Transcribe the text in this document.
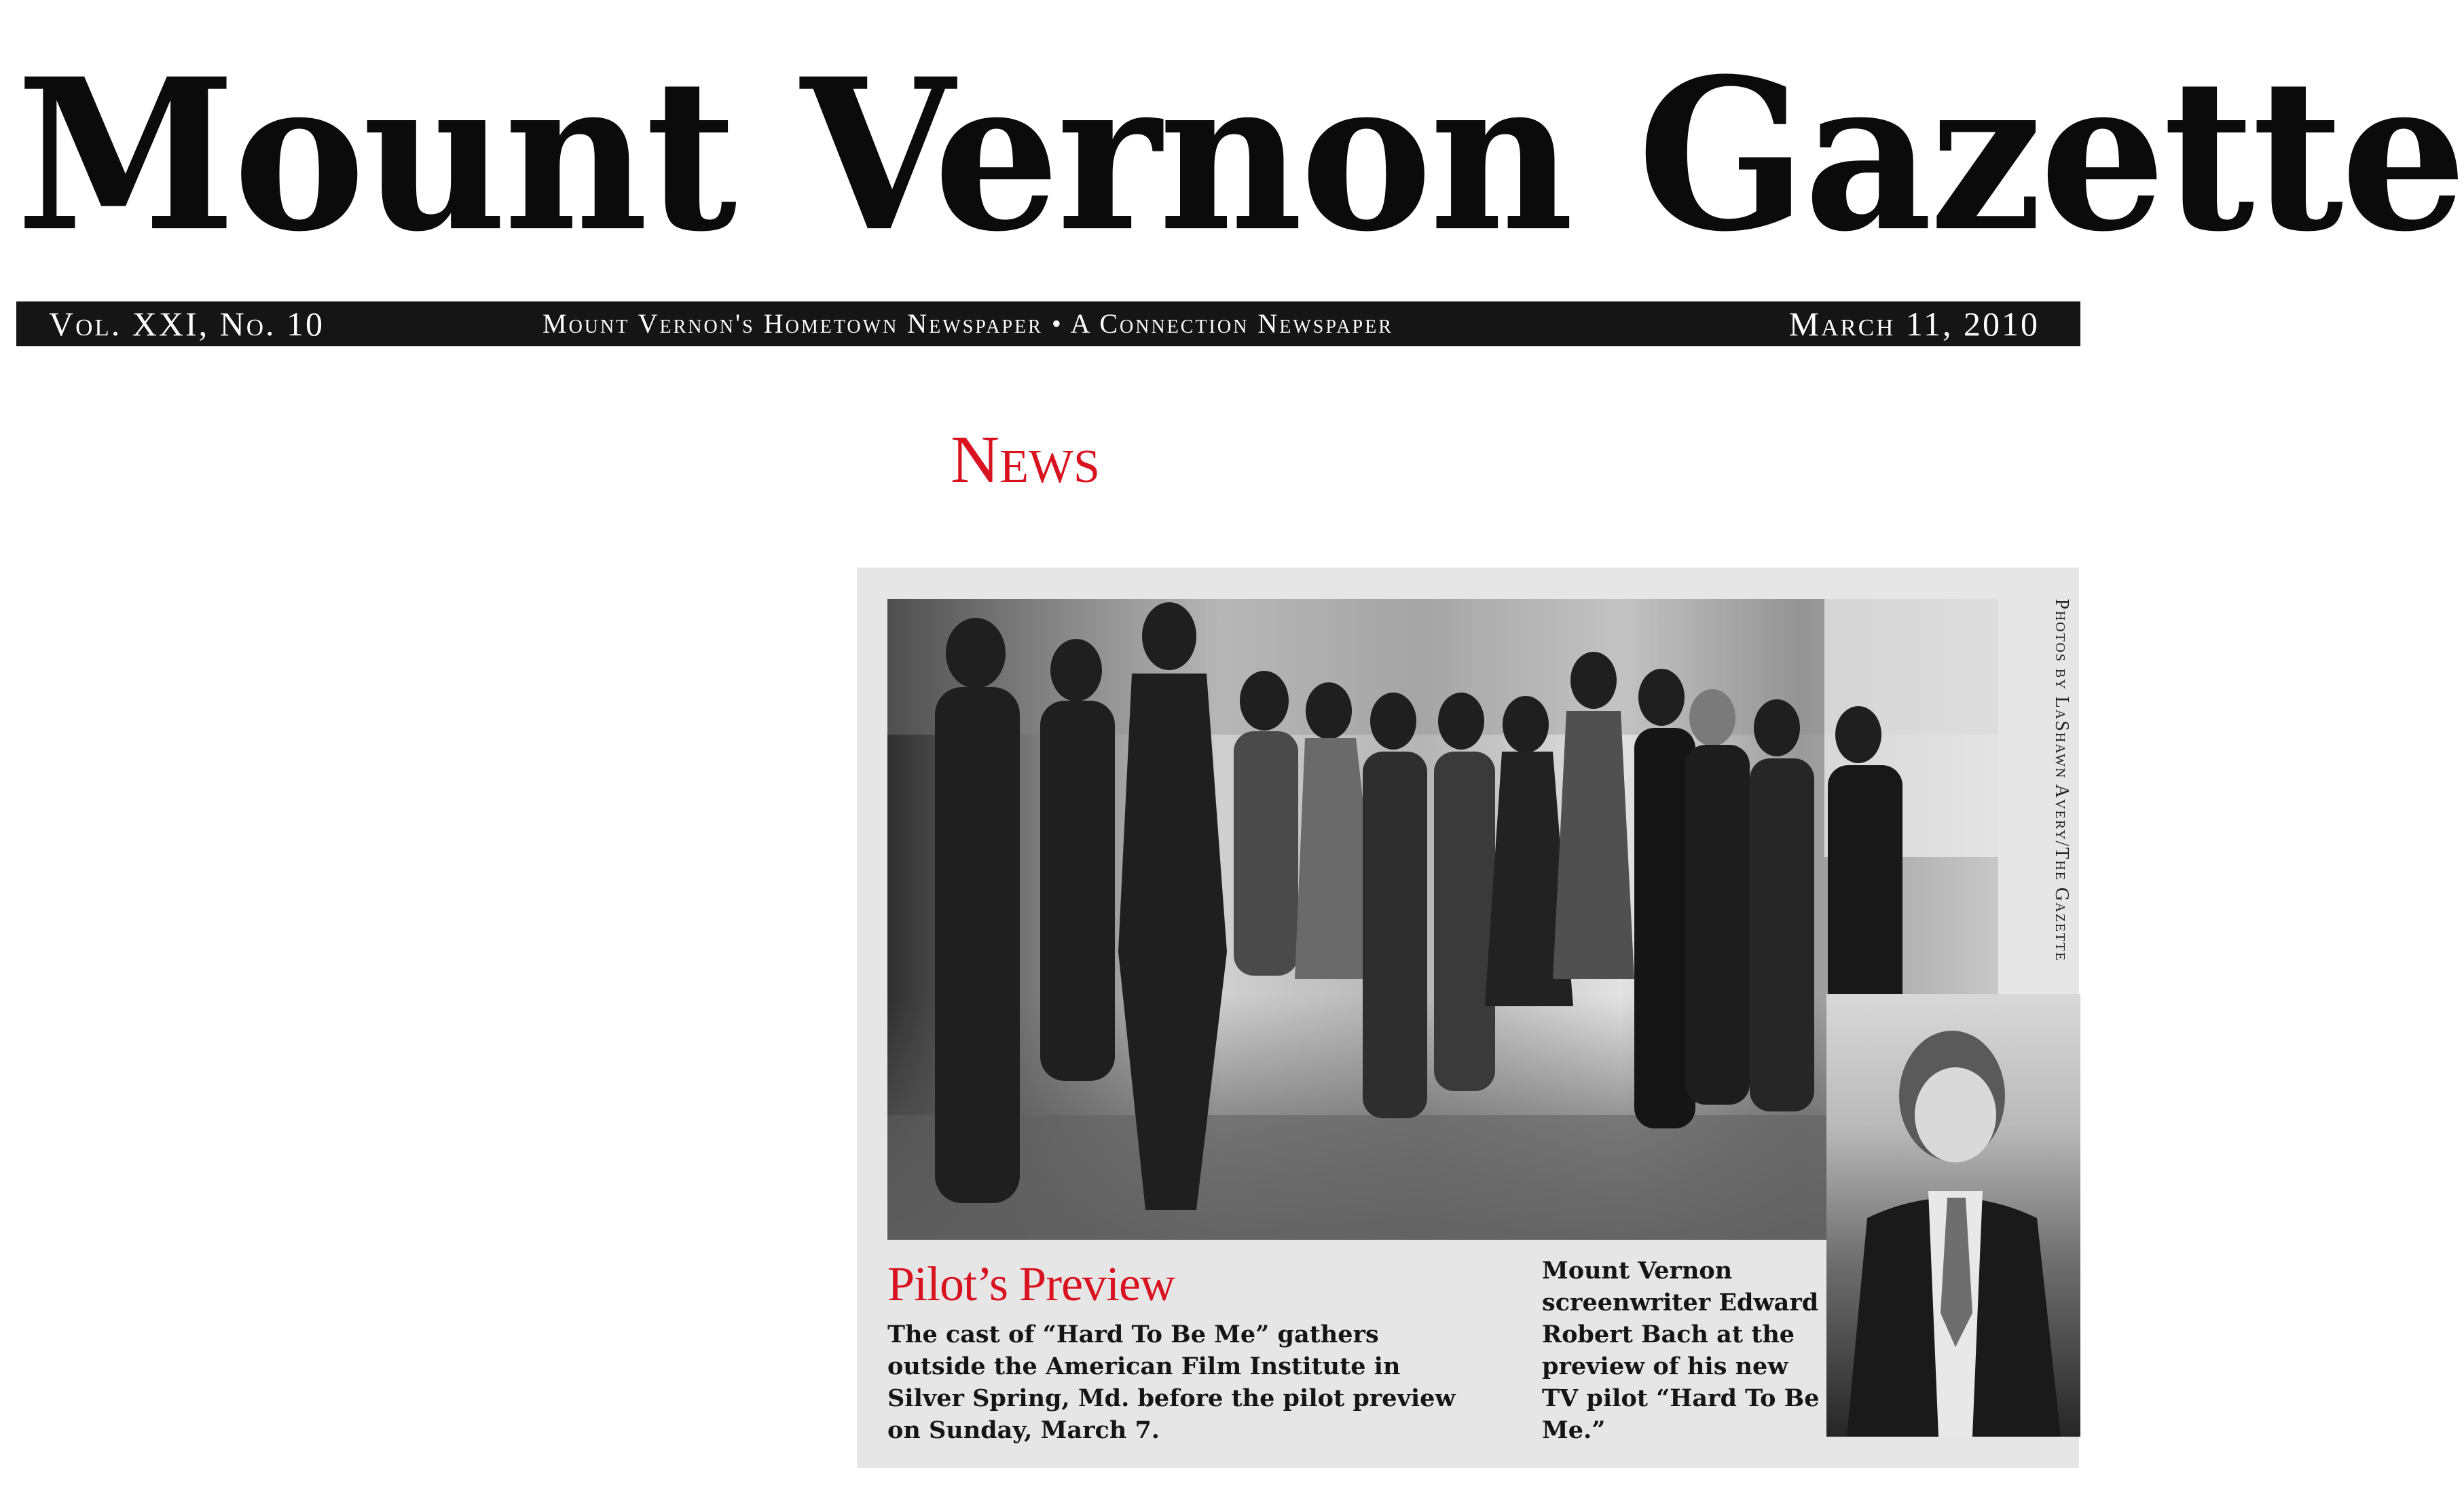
Mount Vernon Gazette
Vol. XXI, No. 10	Mount Vernon's Hometown Newspaper • A Connection Newspaper	March 11, 2010
News

Photos by LaShawn Avery/The Gazette

Pilot’s Preview

The cast of “Hard To Be Me” gathers outside the American Film Institute in Silver Spring, Md. before the pilot preview on Sunday, March 7.

Mount Vernon screenwriter Edward Robert Bach at the preview of his new TV pilot “Hard To Be Me.”
